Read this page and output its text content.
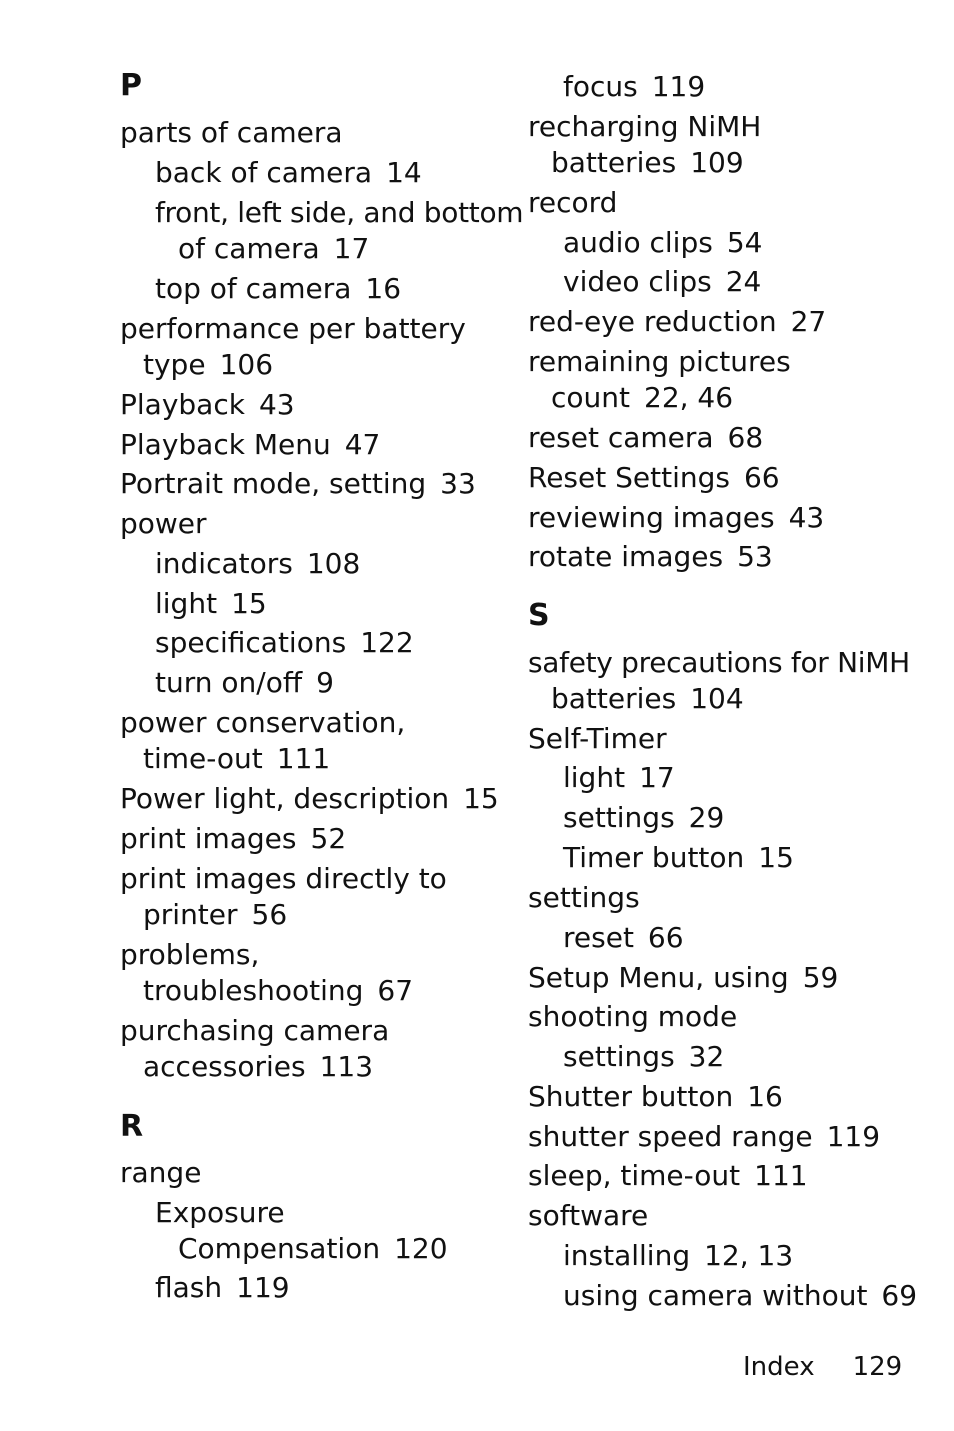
P
parts of camera
back of camera 14
front, left side, and bottom
of camera 17
top of camera 16
performance per battery
type 106
Playback 43
Playback Menu 47
Portrait mode, setting 33
power
indicators 108
light 15
specifications 122
turn on/off 9
power conservation,
time-out 111
Power light, description 15
print images 52
print images directly to
printer 56
problems,
troubleshooting 67
purchasing camera
accessories 113
R
range
Exposure
Compensation 120
flash 119
focus 119
recharging NiMH
batteries 109
record
audio clips 54
video clips 24
red-eye reduction 27
remaining pictures
count 22, 46
reset camera 68
Reset Settings 66
reviewing images 43
rotate images 53
S
safety precautions for NiMH
batteries 104
Self-Timer
light 17
settings 29
Timer button 15
settings
reset 66
Setup Menu, using 59
shooting mode
settings 32
Shutter button 16
shutter speed range 119
sleep, time-out 111
software
installing 12, 13
using camera without 69
Index 129
